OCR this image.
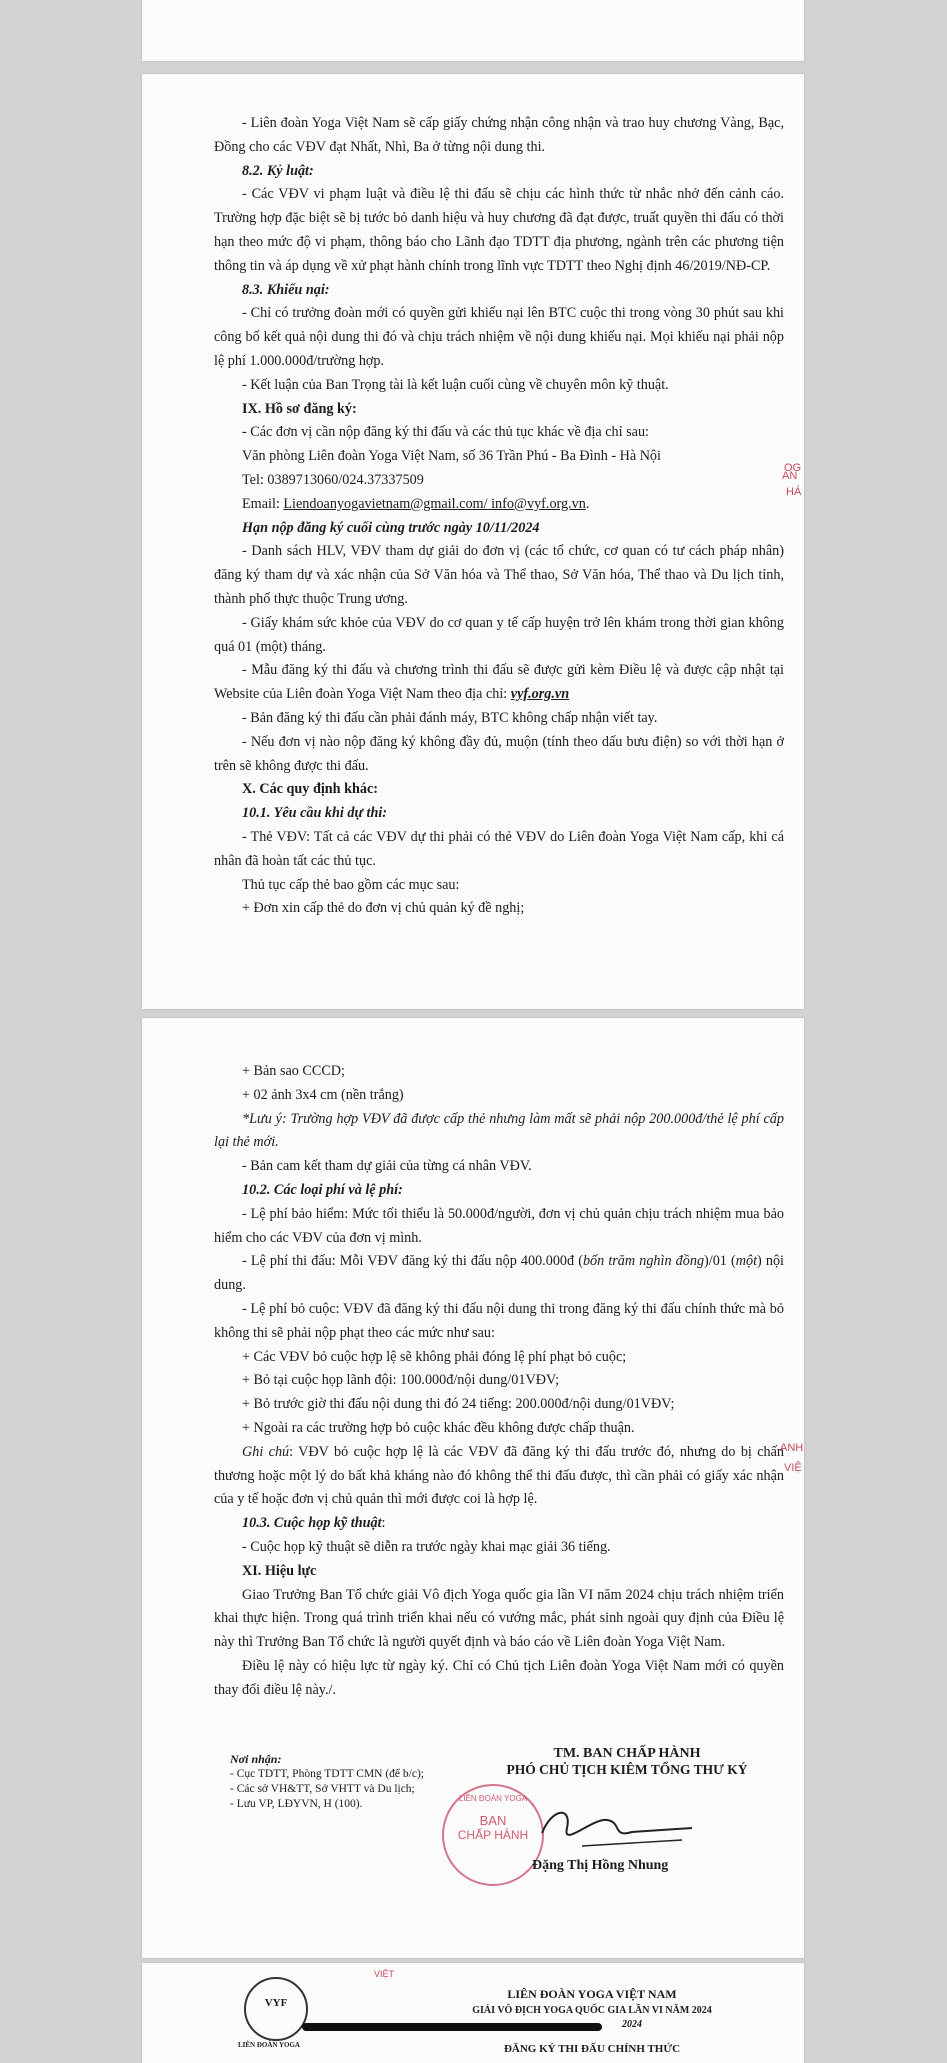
- Liên đoàn Yoga Việt Nam sẽ cấp giấy chứng nhận công nhận và trao huy chương Vàng, Bạc, Đồng cho các VĐV đạt Nhất, Nhì, Ba ở từng nội dung thi.

8.2. Kỷ luật:

- Các VĐV vi phạm luật và điều lệ thi đấu sẽ chịu các hình thức từ nhắc nhở đến cảnh cáo. Trường hợp đặc biệt sẽ bị tước bỏ danh hiệu và huy chương đã đạt được, truất quyền thi đấu có thời hạn theo mức độ vi phạm, thông báo cho Lãnh đạo TDTT địa phương, ngành trên các phương tiện thông tin và áp dụng về xử phạt hành chính trong lĩnh vực TDTT theo Nghị định 46/2019/NĐ-CP.

8.3. Khiếu nại:

- Chỉ có trưởng đoàn mới có quyền gửi khiếu nại lên BTC cuộc thi trong vòng 30 phút sau khi công bố kết quả nội dung thi đó và chịu trách nhiệm về nội dung khiếu nại. Mọi khiếu nại phải nộp lệ phí 1.000.000đ/trường hợp.

- Kết luận của Ban Trọng tài là kết luận cuối cùng về chuyên môn kỹ thuật.

IX. Hồ sơ đăng ký:

- Các đơn vị cần nộp đăng ký thi đấu và các thủ tục khác về địa chỉ sau:

Văn phòng Liên đoàn Yoga Việt Nam, số 36 Trần Phú - Ba Đình - Hà Nội

Tel: 0389713060/024.37337509

Email: Liendoanyogavietnam@gmail.com/ info@vyf.org.vn.

Hạn nộp đăng ký cuối cùng trước ngày 10/11/2024

- Danh sách HLV, VĐV tham dự giải do đơn vị (các tổ chức, cơ quan có tư cách pháp nhân) đăng ký tham dự và xác nhận của Sở Văn hóa và Thể thao, Sở Văn hóa, Thể thao và Du lịch tỉnh, thành phố thực thuộc Trung ương.

- Giấy khám sức khỏe của VĐV do cơ quan y tế cấp huyện trở lên khám trong thời gian không quá 01 (một) tháng.

- Mẫu đăng ký thi đấu và chương trình thi đấu sẽ được gửi kèm Điều lệ và được cập nhật tại Website của Liên đoàn Yoga Việt Nam theo địa chỉ: vyf.org.vn

- Bản đăng ký thi đấu cần phải đánh máy, BTC không chấp nhận viết tay.

- Nếu đơn vị nào nộp đăng ký không đầy đủ, muộn (tính theo dấu bưu điện) so với thời hạn ở trên sẽ không được thi đấu.

X. Các quy định khác:

10.1. Yêu cầu khi dự thi:

- Thẻ VĐV: Tất cả các VĐV dự thi phải có thẻ VĐV do Liên đoàn Yoga Việt Nam cấp, khi cá nhân đã hoàn tất các thủ tục.

Thủ tục cấp thẻ bao gồm các mục sau:

+ Đơn xin cấp thẻ do đơn vị chủ quản ký đề nghị;

OG
AN
HÁ

+ Bản sao CCCD;

+ 02 ảnh 3x4 cm (nền trắng)

*Lưu ý: Trường hợp VĐV đã được cấp thẻ nhưng làm mất sẽ phải nộp 200.000đ/thẻ lệ phí cấp lại thẻ mới.

- Bản cam kết tham dự giải của từng cá nhân VĐV.

10.2. Các loại phí và lệ phí:

- Lệ phí bảo hiểm: Mức tối thiểu là 50.000đ/người, đơn vị chủ quản chịu trách nhiệm mua bảo hiểm cho các VĐV của đơn vị mình.

- Lệ phí thi đấu: Mỗi VĐV đăng ký thi đấu nộp 400.000đ (bốn trăm nghìn đồng)/01 (một) nội dung.

- Lệ phí bỏ cuộc: VĐV đã đăng ký thi đấu nội dung thi trong đăng ký thi đấu chính thức mà bỏ không thi sẽ phải nộp phạt theo các mức như sau:

+ Các VĐV bỏ cuộc hợp lệ sẽ không phải đóng lệ phí phạt bỏ cuộc;

+ Bỏ tại cuộc họp lãnh đội: 100.000đ/nội dung/01VĐV;

+ Bỏ trước giờ thi đấu nội dung thi đó 24 tiếng: 200.000đ/nội dung/01VĐV;

+ Ngoài ra các trường hợp bỏ cuộc khác đều không được chấp thuận.

Ghi chú: VĐV bỏ cuộc hợp lệ là các VĐV đã đăng ký thi đấu trước đó, nhưng do bị chấn thương hoặc một lý do bất khả kháng nào đó không thể thi đấu được, thì cần phải có giấy xác nhận của y tế hoặc đơn vị chủ quản thì mới được coi là hợp lệ.

10.3. Cuộc họp kỹ thuật:

- Cuộc họp kỹ thuật sẽ diễn ra trước ngày khai mạc giải 36 tiếng.

XI. Hiệu lực

Giao Trưởng Ban Tổ chức giải Vô địch Yoga quốc gia lần VI năm 2024 chịu trách nhiệm triển khai thực hiện. Trong quá trình triển khai nếu có vướng mắc, phát sinh ngoài quy định của Điều lệ này thì Trưởng Ban Tổ chức là người quyết định và báo cáo về Liên đoàn Yoga Việt Nam.

Điều lệ này có hiệu lực từ ngày ký. Chỉ có Chủ tịch Liên đoàn Yoga Việt Nam mới có quyền thay đổi điều lệ này./.

Nơi nhận:
- Cục TDTT, Phòng TDTT CMN (để b/c);
- Các sở VH&TT, Sở VHTT và Du lịch;
- Lưu VP, LĐYVN, H (100).
TM. BAN CHẤP HÀNH
PHÓ CHỦ TỊCH KIÊM TỔNG THƯ KÝ
LIÊN ĐOÀN YOGA
BAN
CHẤP HÀNH
Đặng Thị Hồng Nhung
ANH
VIỆ
VYF
LIÊN ĐOÀN YOGA
VIỆT
LIÊN ĐOÀN YOGA VIỆT NAM
GIẢI VÔ ĐỊCH YOGA QUỐC GIA LẦN VI NĂM 2024
2024
ĐĂNG KÝ THI ĐẤU CHÍNH THỨC
